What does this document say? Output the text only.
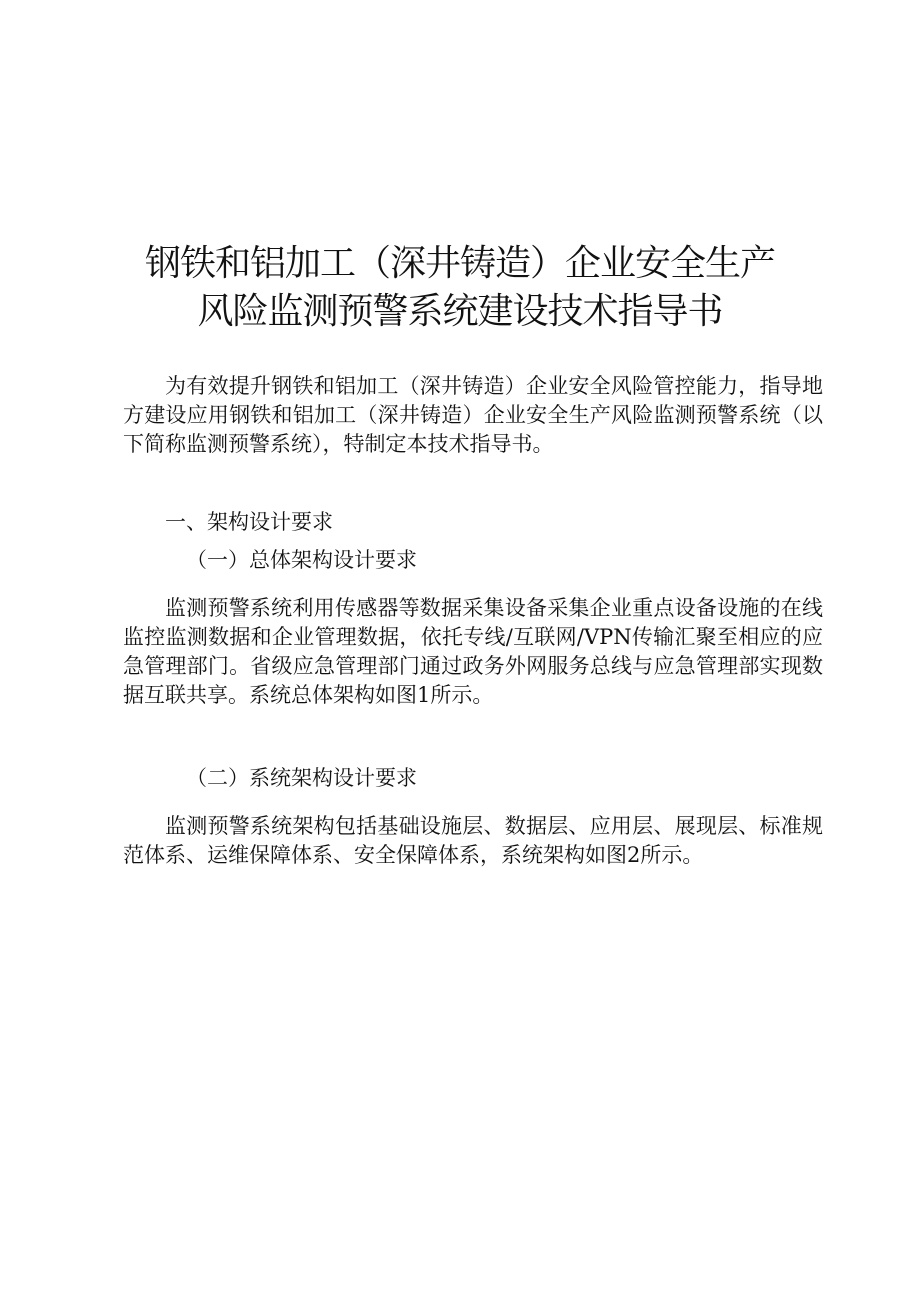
钢铁和铝加工（深井铸造）企业安全生产
风险监测预警系统建设技术指导书

为有效提升钢铁和铝加工（深井铸造）企业安全风险管控能力，指导地方建设应用钢铁和铝加工（深井铸造）企业安全生产风险监测预警系统（以下简称监测预警系统），特制定本技术指导书。

一、架构设计要求

（一）总体架构设计要求

监测预警系统利用传感器等数据采集设备采集企业重点设备设施的在线监控监测数据和企业管理数据，依托专线/互联网/VPN传输汇聚至相应的应急管理部门。省级应急管理部门通过政务外网服务总线与应急管理部实现数据互联共享。系统总体架构如图1所示。

（二）系统架构设计要求

监测预警系统架构包括基础设施层、数据层、应用层、展现层、标准规范体系、运维保障体系、安全保障体系，系统架构如图2所示。
